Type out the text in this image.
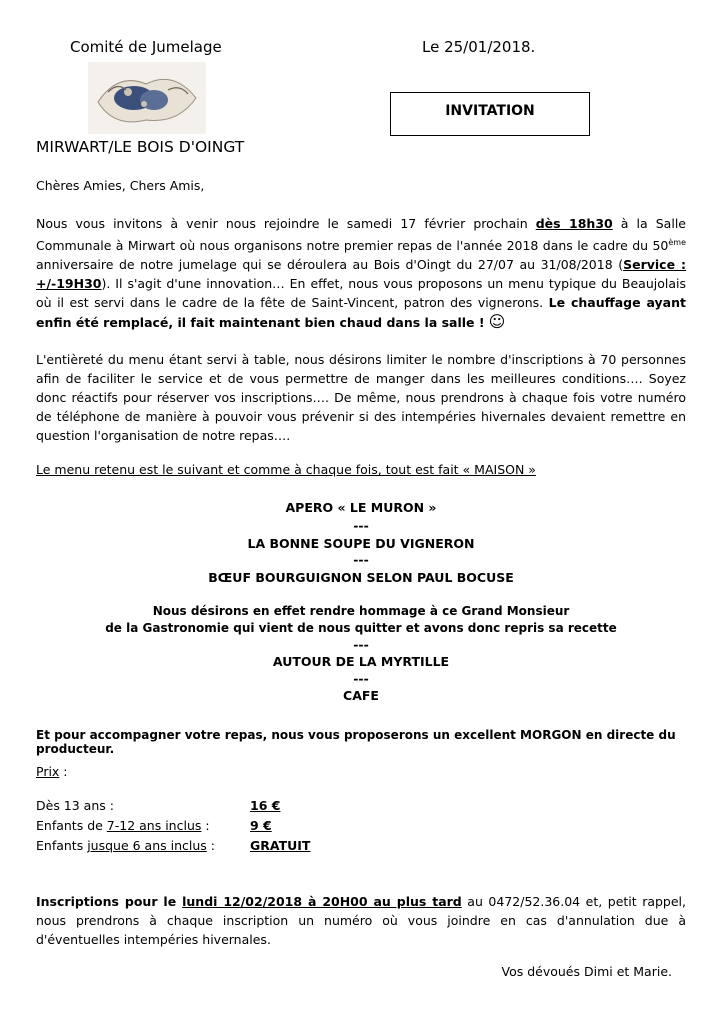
Comité de Jumelage	Le 25/01/2018.
INVITATION
MIRWART/LE BOIS D'OINGT
Chères Amies, Chers Amis,
Nous vous invitons à venir nous rejoindre le samedi 17 février prochain dès 18h30 à la Salle Communale à Mirwart où nous organisons notre premier repas de l'année 2018 dans le cadre du 50ème anniversaire de notre jumelage qui se déroulera au Bois d'Oingt du 27/07 au 31/08/2018 (Service : +/-19H30). Il s'agit d'une innovation… En effet, nous vous proposons un menu typique du Beaujolais où il est servi dans le cadre de la fête de Saint-Vincent, patron des vignerons. Le chauffage ayant enfin été remplacé, il fait maintenant bien chaud dans la salle ! ☺
L'entièreté du menu étant servi à table, nous désirons limiter le nombre d'inscriptions à 70 personnes afin de faciliter le service et de vous permettre de manger dans les meilleures conditions…. Soyez donc réactifs pour réserver vos inscriptions…. De même, nous prendrons à chaque fois votre numéro de téléphone de manière à pouvoir vous prévenir si des intempéries hivernales devaient remettre en question l'organisation de notre repas….
Le menu retenu est le suivant et comme à chaque fois, tout est fait « MAISON »
APERO « LE MURON »
---
LA BONNE SOUPE DU VIGNERON
---
BŒUF BOURGUIGNON SELON PAUL BOCUSE
Nous désirons en effet rendre hommage à ce Grand Monsieur
de la Gastronomie qui vient de nous quitter et avons donc repris sa recette
---
AUTOUR DE LA MYRTILLE
---
CAFE
Et pour accompagner votre repas, nous vous proposerons un excellent MORGON en directe du producteur.
Prix :
Dès 13 ans :	16 €
Enfants de 7-12 ans inclus :	9 €
Enfants jusque 6 ans inclus :	GRATUIT
Inscriptions pour le lundi 12/02/2018 à 20H00 au plus tard au 0472/52.36.04 et, petit rappel, nous prendrons à chaque inscription un numéro où vous joindre en cas d'annulation due à d'éventuelles intempéries hivernales.
Vos dévoués Dimi et Marie.
